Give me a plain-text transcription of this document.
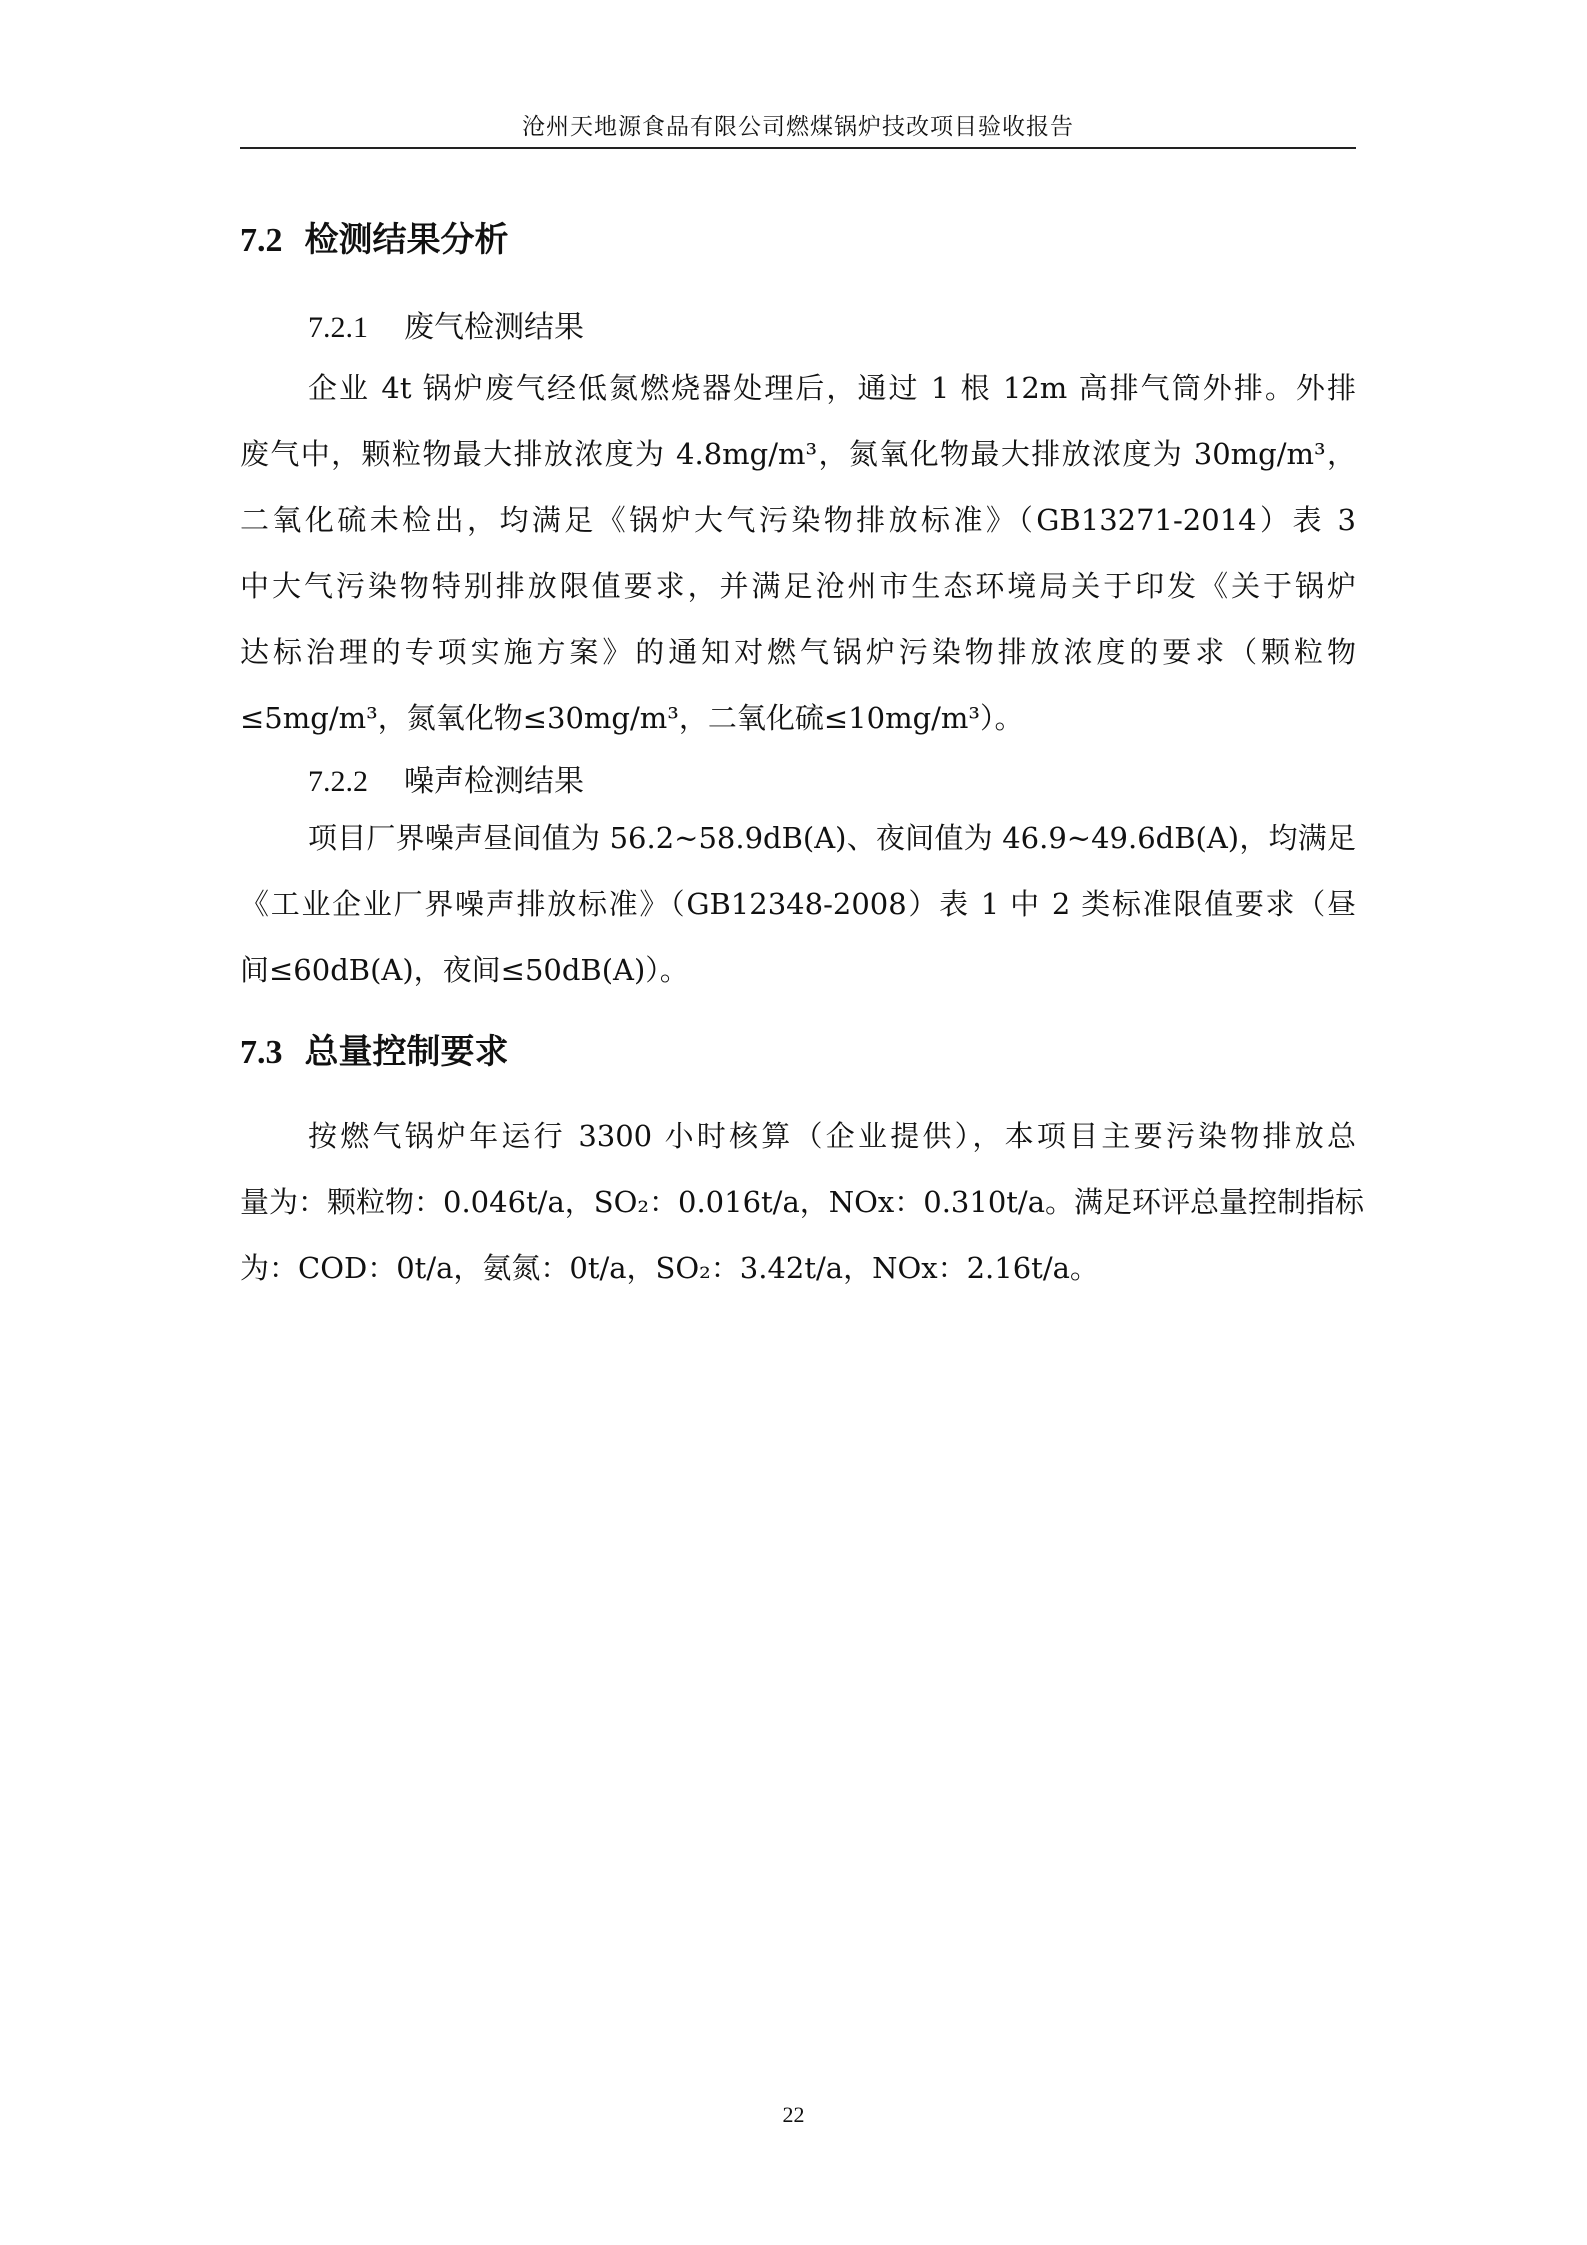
沧州天地源食品有限公司燃煤锅炉技改项目验收报告
7.2 检测结果分析
7.2.1 废气检测结果
企业 4t 锅炉废气经低氮燃烧器处理后，通过 1 根 12m 高排气筒外排。外排
废气中，颗粒物最大排放浓度为 4.8mg/m³，氮氧化物最大排放浓度为 30mg/m³，
二氧化硫未检出，均满足《锅炉大气污染物排放标准》（GB13271-2014）表 3
中大气污染物特别排放限值要求，并满足沧州市生态环境局关于印发《关于锅炉
达标治理的专项实施方案》的通知对燃气锅炉污染物排放浓度的要求（颗粒物
≤5mg/m³，氮氧化物≤30mg/m³，二氧化硫≤10mg/m³）。
7.2.2 噪声检测结果
项目厂界噪声昼间值为 56.2~58.9dB(A)、夜间值为 46.9~49.6dB(A)，均满足
《工业企业厂界噪声排放标准》（GB12348-2008）表 1 中 2 类标准限值要求（昼
间≤60dB(A)，夜间≤50dB(A)）。
7.3 总量控制要求
按燃气锅炉年运行 3300 小时核算（企业提供），本项目主要污染物排放总
量为：颗粒物：0.046t/a，SO₂：0.016t/a，NOx：0.310t/a。满足环评总量控制指标
为：COD：0t/a，氨氮：0t/a，SO₂：3.42t/a，NOx：2.16t/a。
22
